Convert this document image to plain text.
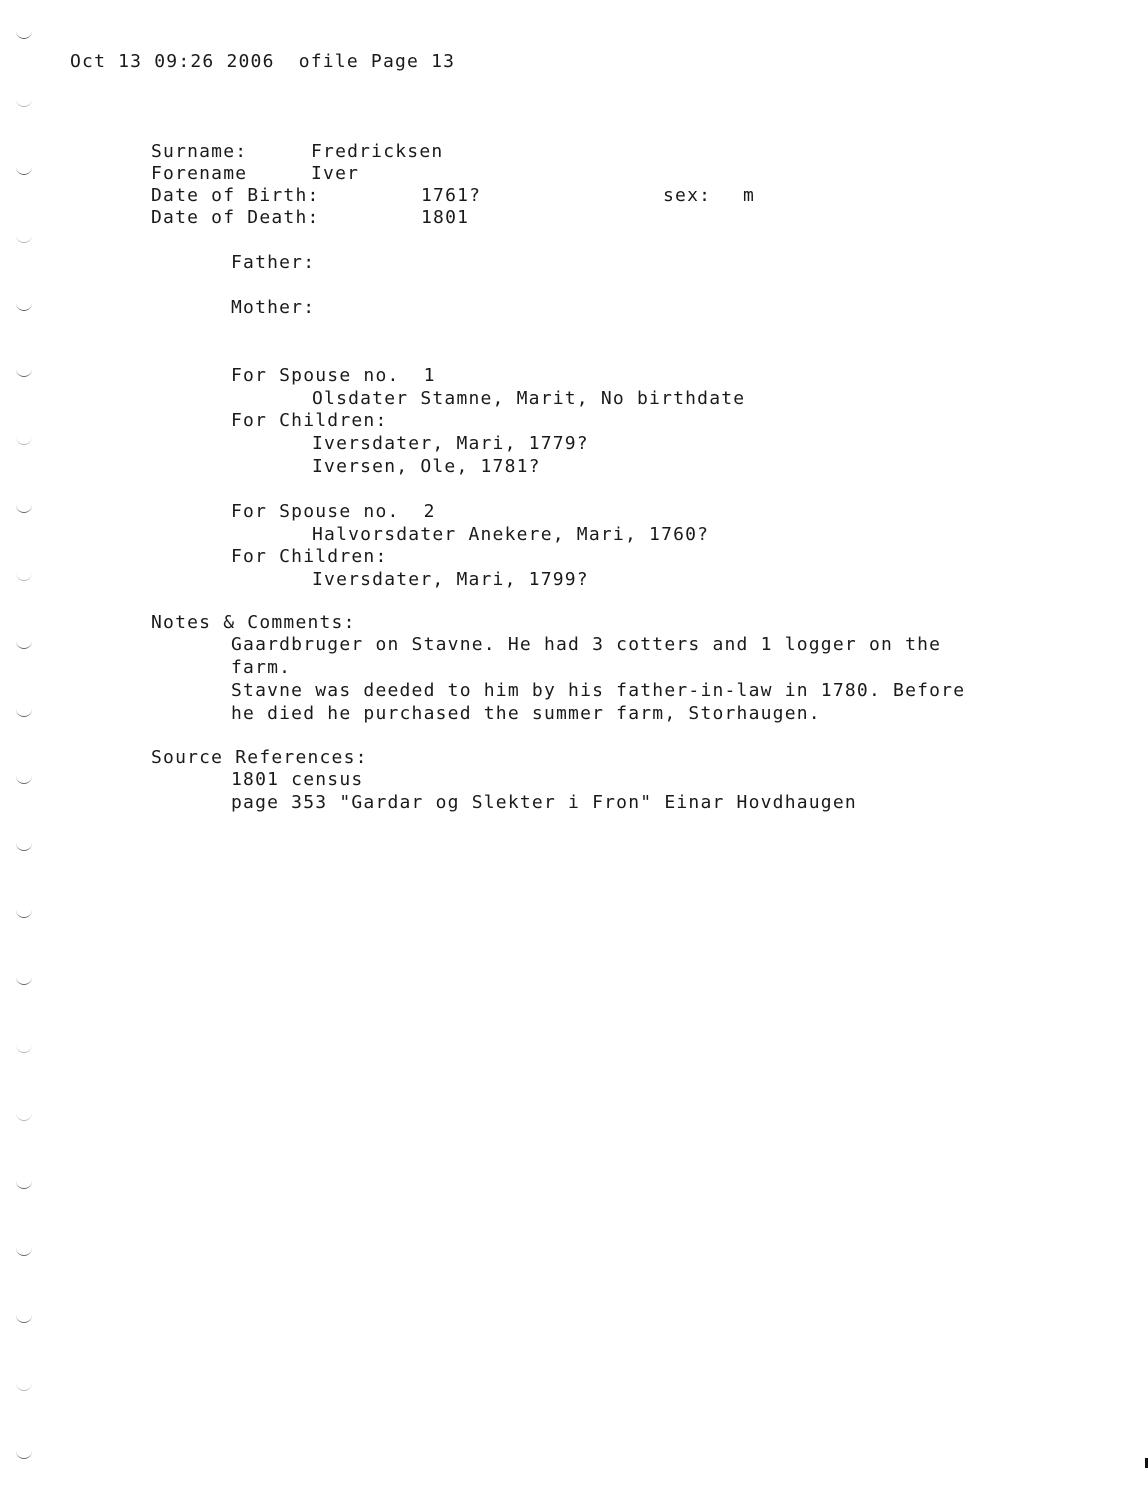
Oct 13 09:26 2006  ofile Page 13
Surname:	Fredricksen
Forename	Iver
Date of Birth:	1761?	sex: m
Date of Death:	1801
Father:
Mother:
For Spouse no.  1
Olsdater Stamne, Marit, No birthdate
For Children:
Iversdater, Mari, 1779?
Iversen, Ole, 1781?
For Spouse no.  2
Halvorsdater Anekere, Mari, 1760?
For Children:
Iversdater, Mari, 1799?
Notes & Comments:
Gaardbruger on Stavne. He had 3 cotters and 1 logger on the
farm.
Stavne was deeded to him by his father-in-law in 1780. Before
he died he purchased the summer farm, Storhaugen.
Source References:
1801 census
page 353 "Gardar og Slekter i Fron" Einar Hovdhaugen
